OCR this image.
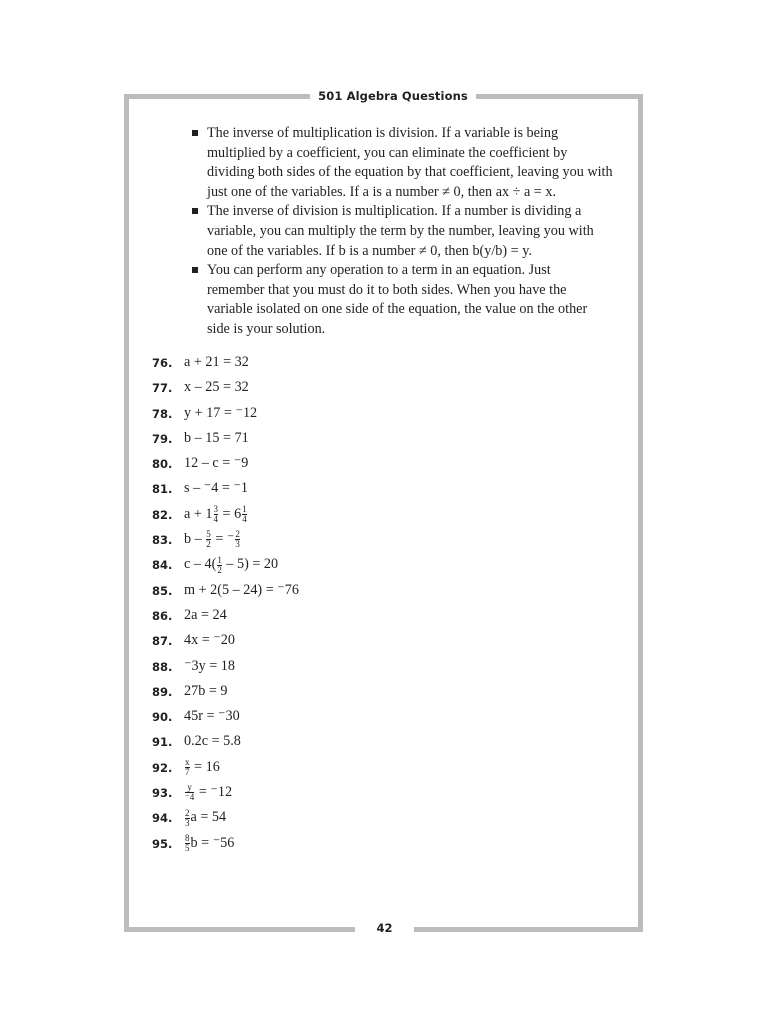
501 Algebra Questions

The inverse of multiplication is division. If a variable is being

multiplied by a coefficient, you can eliminate the coefficient by

dividing both sides of the equation by that coefficient, leaving you with

just one of the variables. If a is a number ≠ 0, then ax ÷ a = x.

The inverse of division is multiplication. If a number is dividing a

variable, you can multiply the term by the number, leaving you with

one of the variables. If b is a number ≠ 0, then b(y/b) = y.

You can perform any operation to a term in an equation. Just

remember that you must do it to both sides. When you have the

variable isolated on one side of the equation, the value on the other

side is your solution.

76. a + 21 = 32
77. x – 25 = 32
78. y + 17 = ⁻12
79. b – 15 = 71
80. 12 – c = ⁻9
81. s – ⁻4 = ⁻1
82. $a + 1 \frac{3}{4} = 6 \frac{1}{4}$
83. b – $\frac{5}{2}$ = ⁻ $\frac{2}{3}$
84. $c - 4( \frac{1}{2} - 5) = 20$
85. m + 2(5 – 24) = ⁻76
86. 2a = 24
87. 4x = ⁻20
88. ⁻3y = 18
89. 27b = 9
90. 45r = ⁻30
91. 0.2c = 5.8
92. $\frac{x}{7} = 16$
93. $\frac{y}{^-4} = ^-12$
94. $\frac{2}{3}$ a = 54
95. $\frac{8}{5}$ b = ⁻56
42
